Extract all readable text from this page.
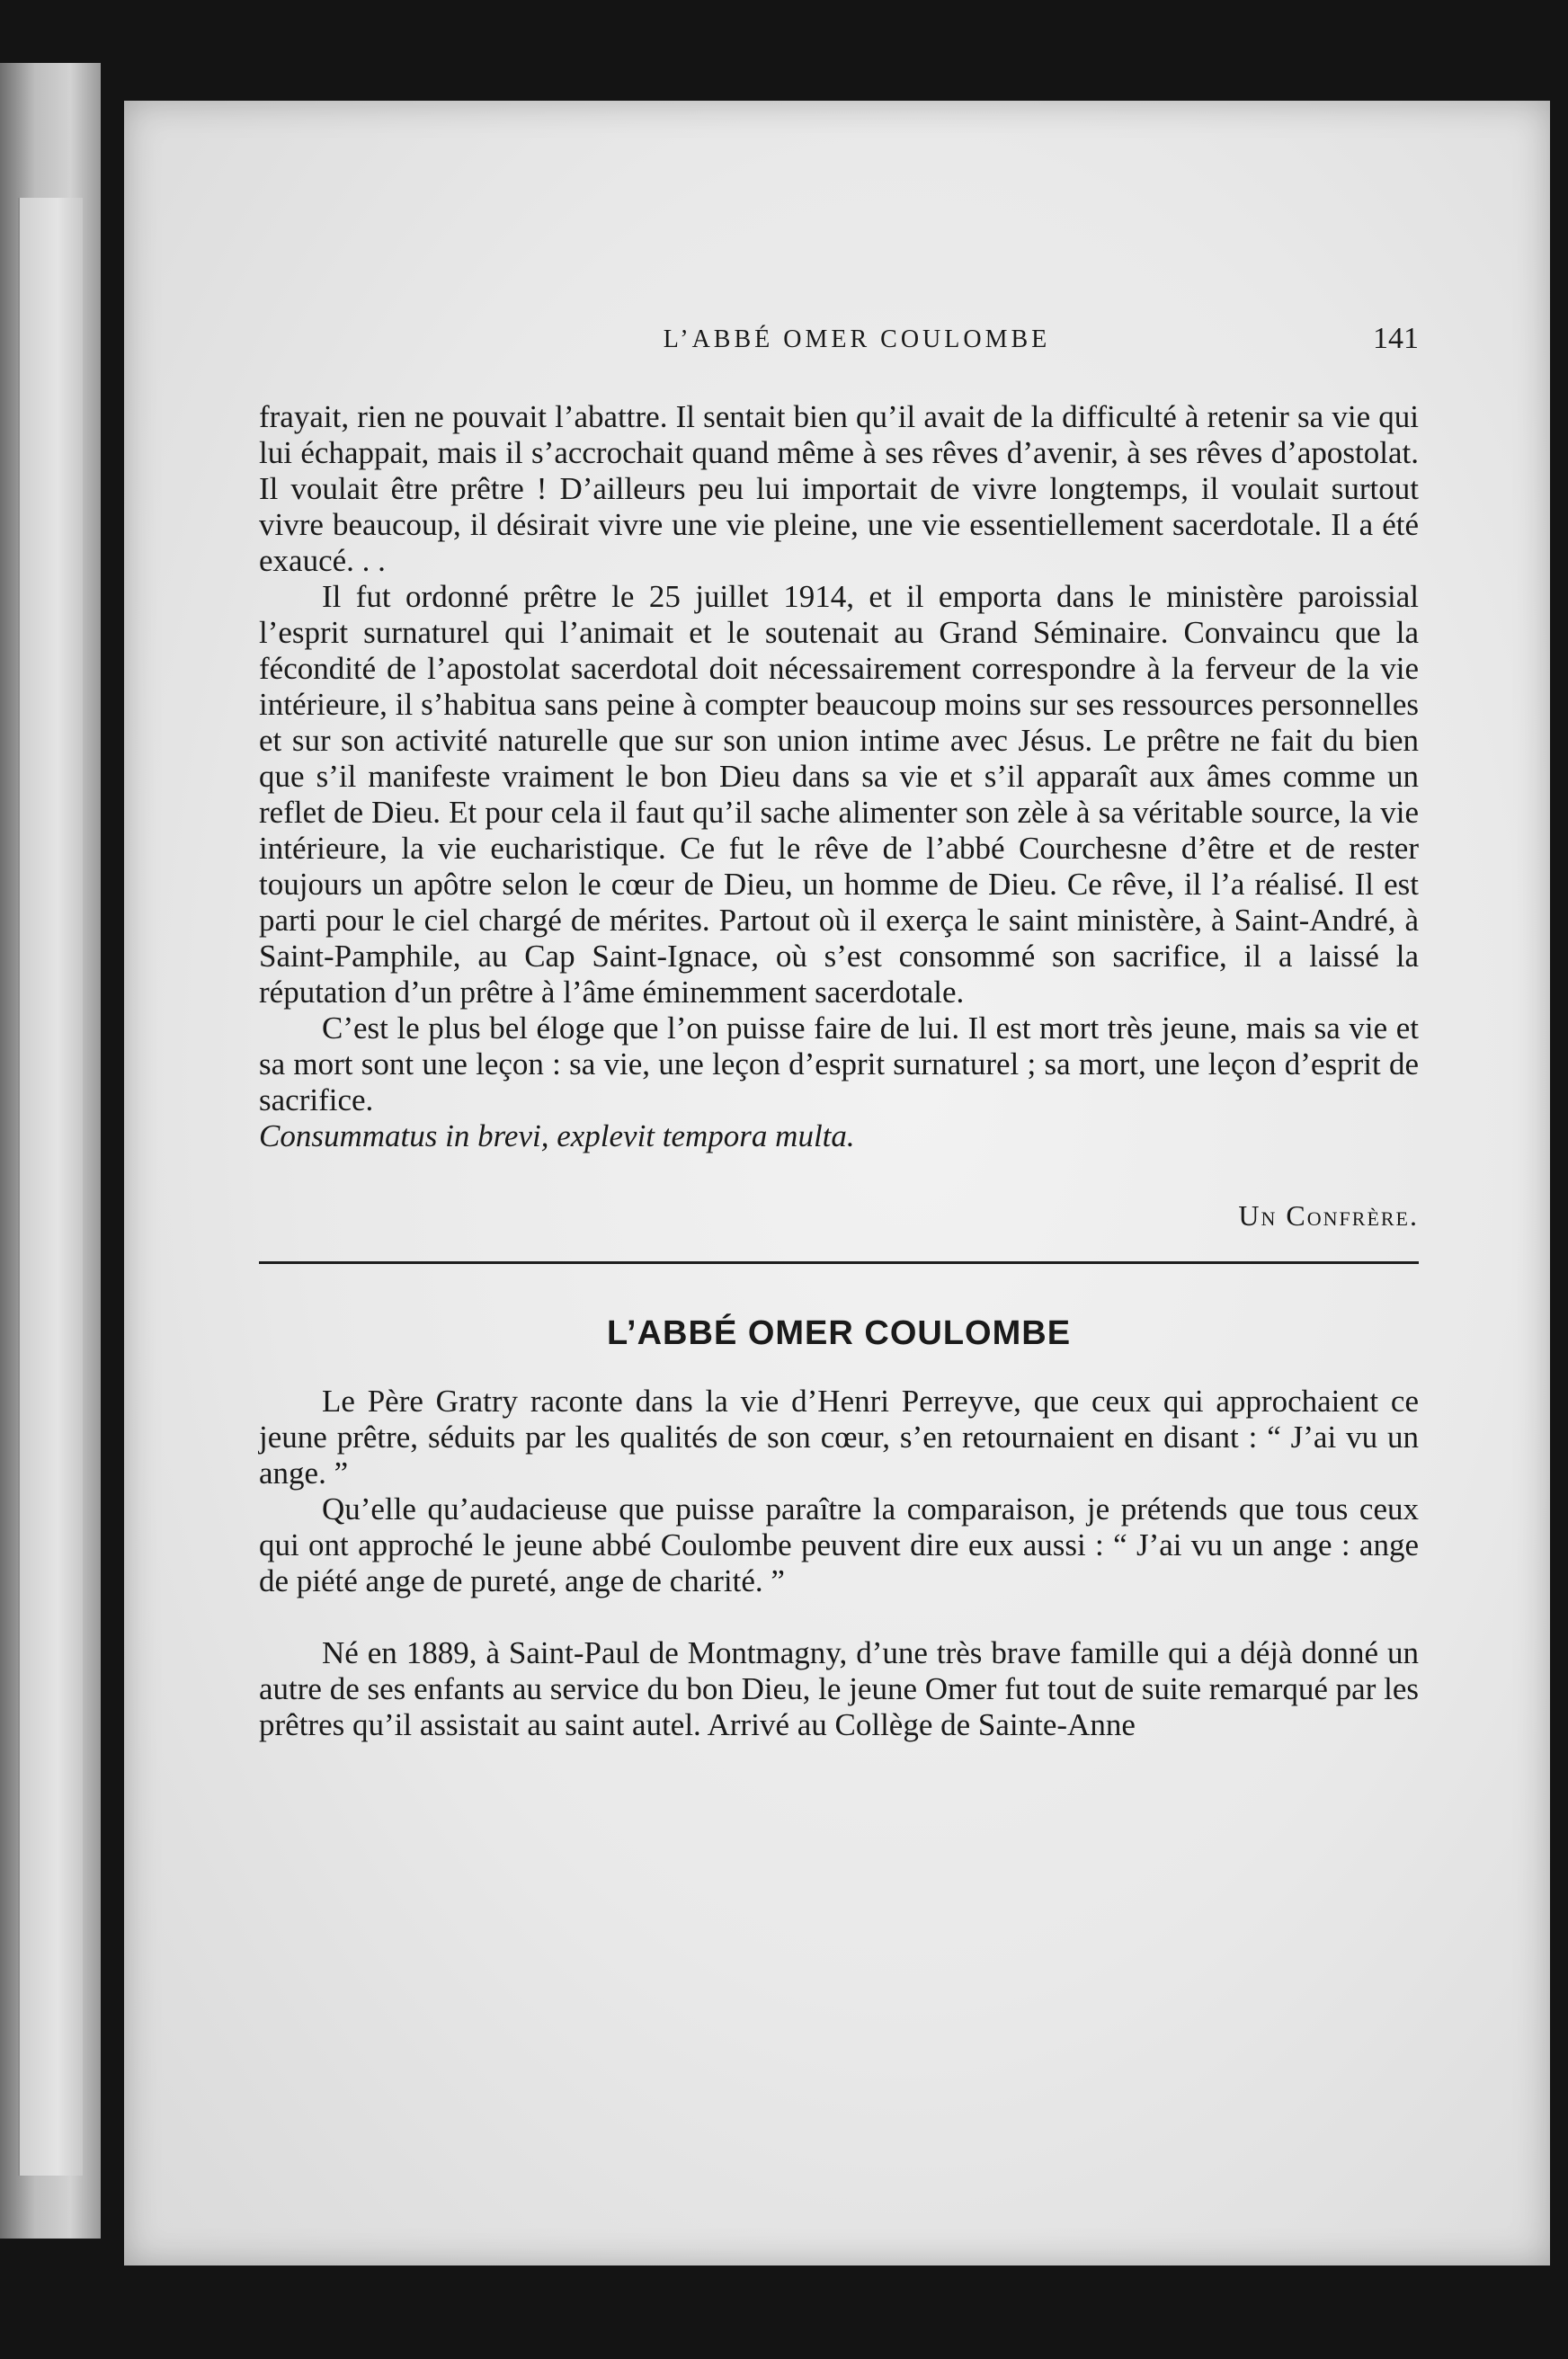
L’ABBÉ OMER COULOMBE	141

frayait, rien ne pouvait l’abattre. Il sentait bien qu’il avait de la difficulté à retenir sa vie qui lui échappait, mais il s’accrochait quand même à ses rêves d’avenir, à ses rêves d’apostolat. Il voulait être prêtre ! D’ailleurs peu lui importait de vivre longtemps, il voulait surtout vivre beaucoup, il désirait vivre une vie pleine, une vie essentiellement sacerdotale. Il a été exaucé. . .

Il fut ordonné prêtre le 25 juillet 1914, et il emporta dans le ministère paroissial l’esprit surnaturel qui l’animait et le soutenait au Grand Séminaire. Convaincu que la fécondité de l’apostolat sacerdotal doit nécessairement correspondre à la ferveur de la vie intérieure, il s’habitua sans peine à compter beaucoup moins sur ses ressources personnelles et sur son activité naturelle que sur son union intime avec Jésus. Le prêtre ne fait du bien que s’il manifeste vraiment le bon Dieu dans sa vie et s’il apparaît aux âmes comme un reflet de Dieu. Et pour cela il faut qu’il sache alimenter son zèle à sa véritable source, la vie intérieure, la vie eucharistique. Ce fut le rêve de l’abbé Courchesne d’être et de rester toujours un apôtre selon le cœur de Dieu, un homme de Dieu. Ce rêve, il l’a réalisé. Il est parti pour le ciel chargé de mérites. Partout où il exerça le saint ministère, à Saint-André, à Saint-Pamphile, au Cap Saint-Ignace, où s’est consommé son sacrifice, il a laissé la réputation d’un prêtre à l’âme éminemment sacerdotale.

C’est le plus bel éloge que l’on puisse faire de lui. Il est mort très jeune, mais sa vie et sa mort sont une leçon : sa vie, une leçon d’esprit surnaturel ; sa mort, une leçon d’esprit de sacrifice.

Consummatus in brevi, explevit tempora multa.

Un Confrère.
L’ABBÉ OMER COULOMBE

Le Père Gratry raconte dans la vie d’Henri Perreyve, que ceux qui approchaient ce jeune prêtre, séduits par les qualités de son cœur, s’en retournaient en disant : “ J’ai vu un ange. ”

Qu’elle qu’audacieuse que puisse paraître la comparaison, je prétends que tous ceux qui ont approché le jeune abbé Coulombe peuvent dire eux aussi : “ J’ai vu un ange : ange de piété ange de pureté, ange de charité. ”

Né en 1889, à Saint-Paul de Montmagny, d’une très brave famille qui a déjà donné un autre de ses enfants au service du bon Dieu, le jeune Omer fut tout de suite remarqué par les prêtres qu’il assistait au saint autel. Arrivé au Collège de Sainte-Anne
